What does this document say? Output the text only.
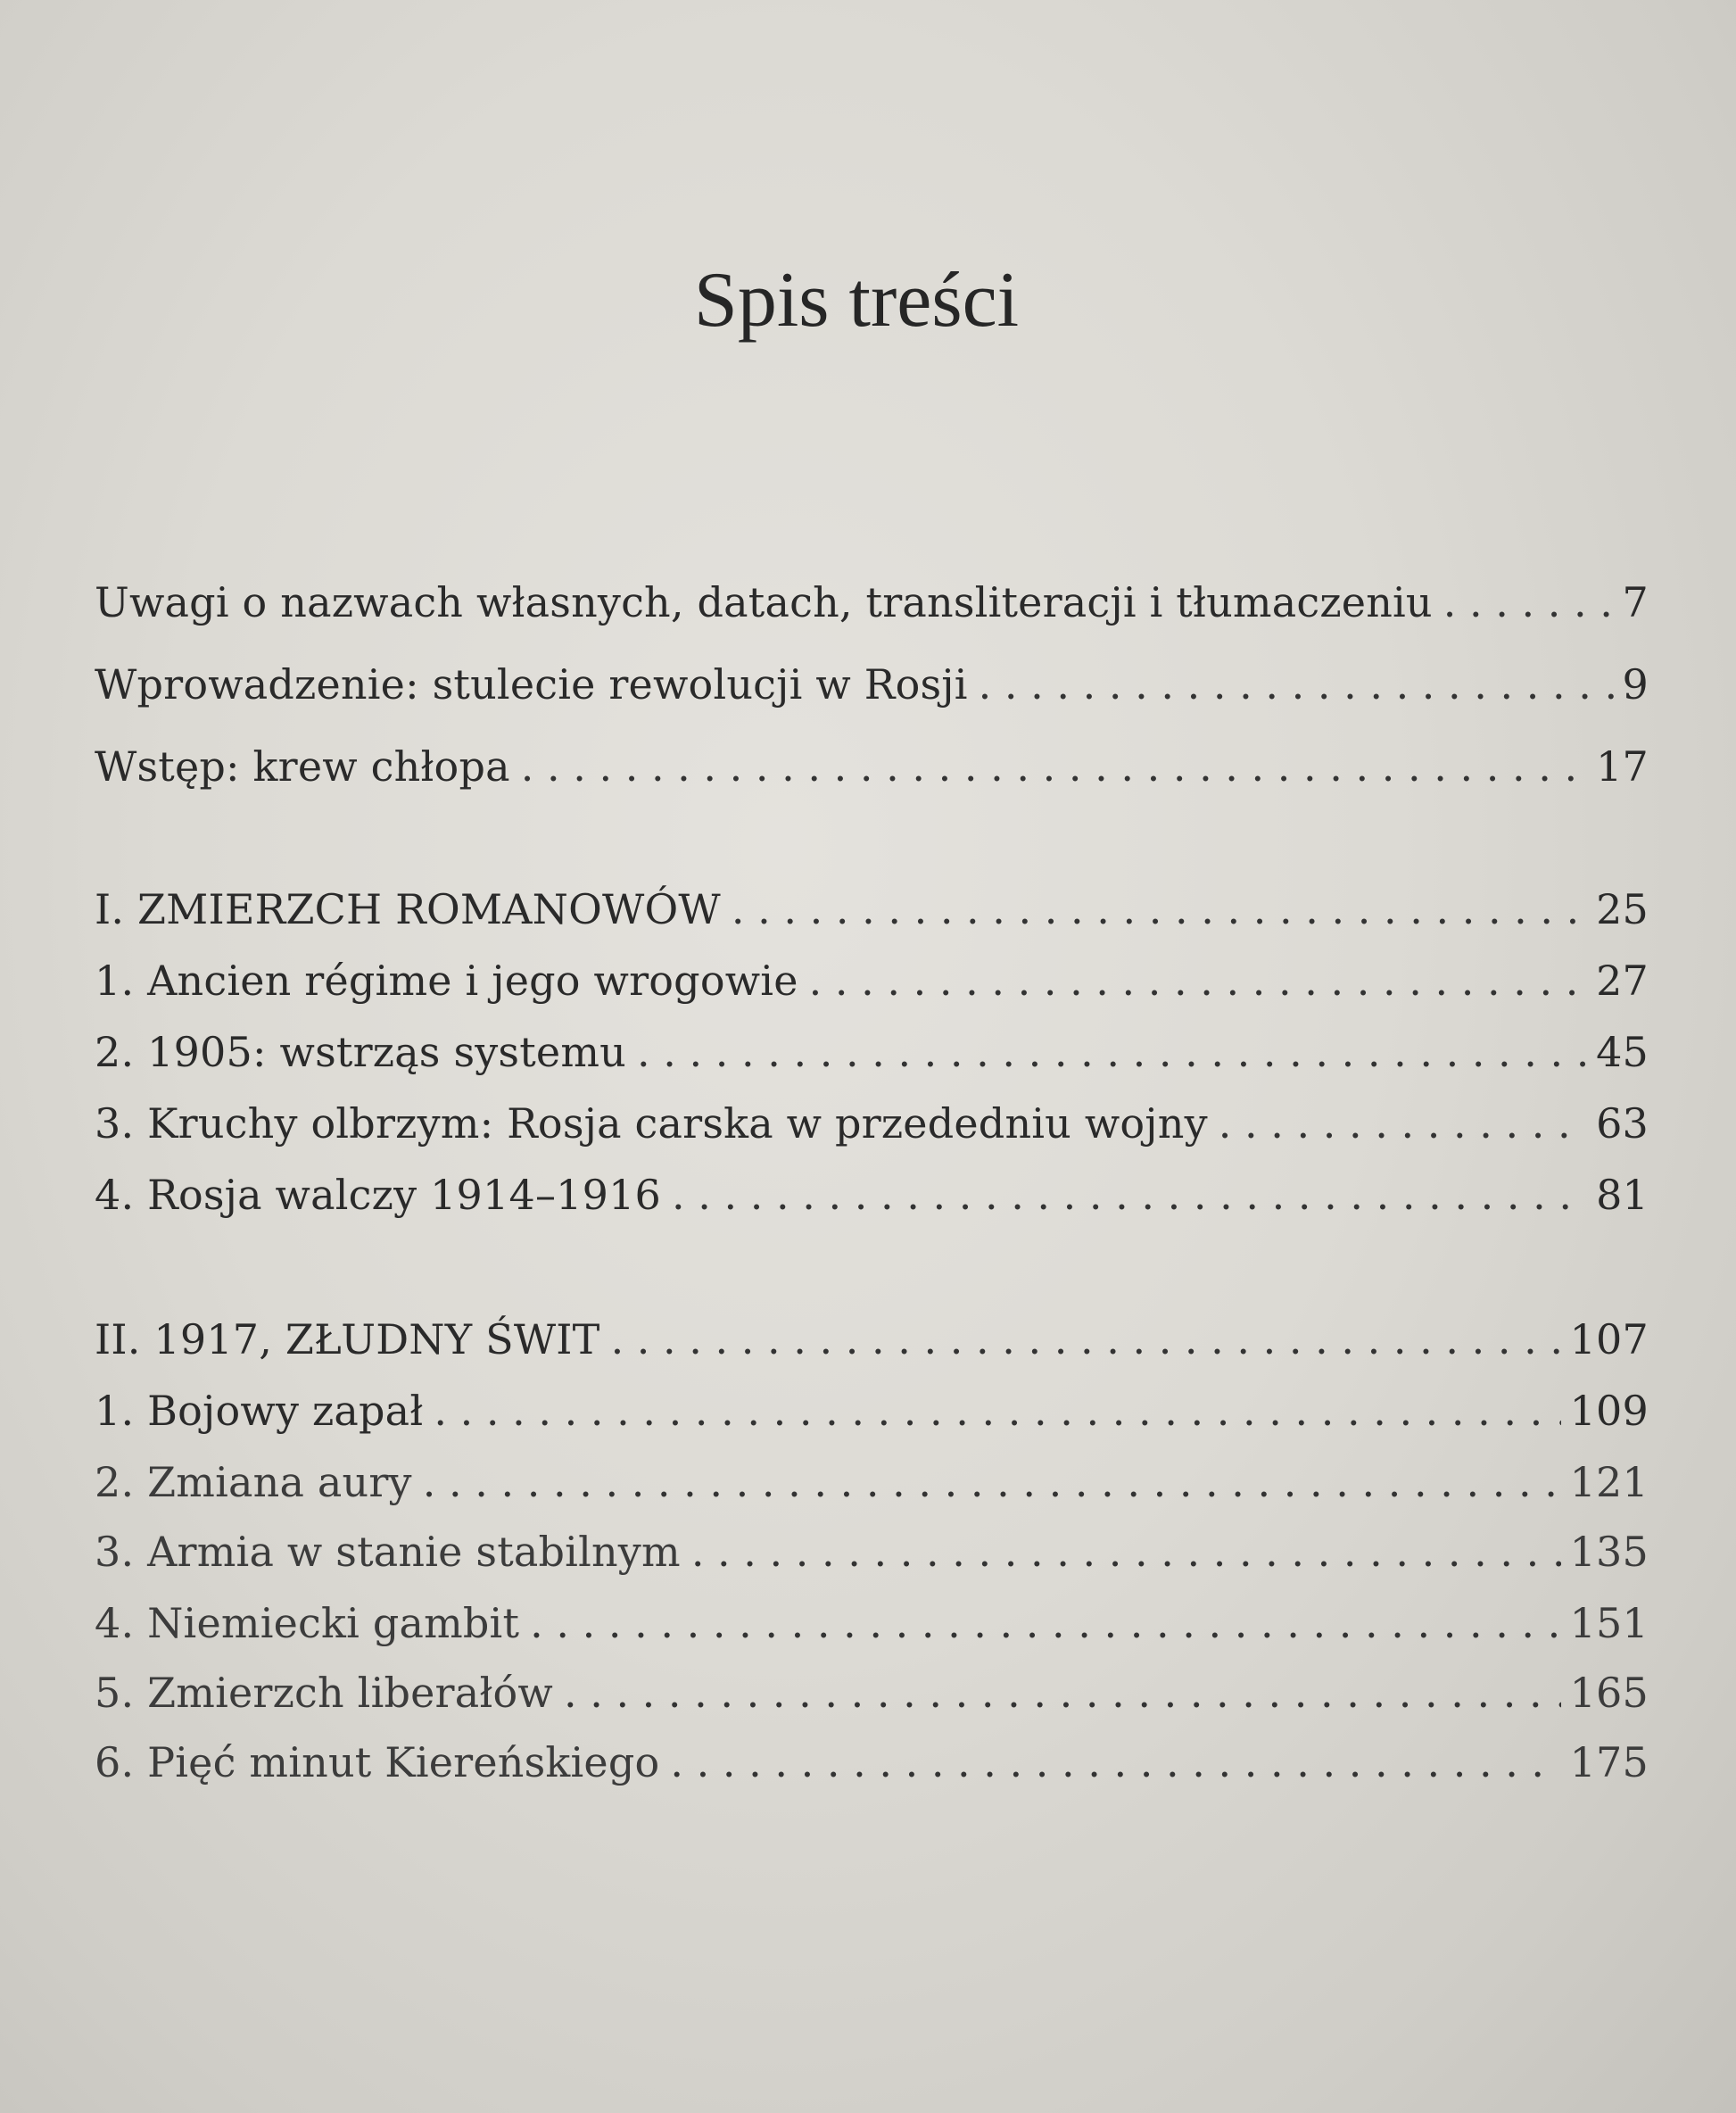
Spis treści
Uwagi o nazwach własnych, datach, transliteracji i tłumaczeniu . . .	7
Wprowadzenie: stulecie rewolucji w Rosji . . .	9
Wstęp: krew chłopa . . .	17
I. ZMIERZCH ROMANOWÓW . . .	25
1. Ancien régime i jego wrogowie . . .	27
2. 1905: wstrząs systemu . . .	45
3. Kruchy olbrzym: Rosja carska w przededniu wojny . . .	63
4. Rosja walczy 1914–1916 . . .	81
II. 1917, ZŁUDNY ŚWIT . . .	107
1. Bojowy zapał . . .	109
2. Zmiana aury . . .	121
3. Armia w stanie stabilnym . . .	135
4. Niemiecki gambit . . .	151
5. Zmierzch liberałów . . .	165
6. Pięć minut Kiereńskiego . . .	175
